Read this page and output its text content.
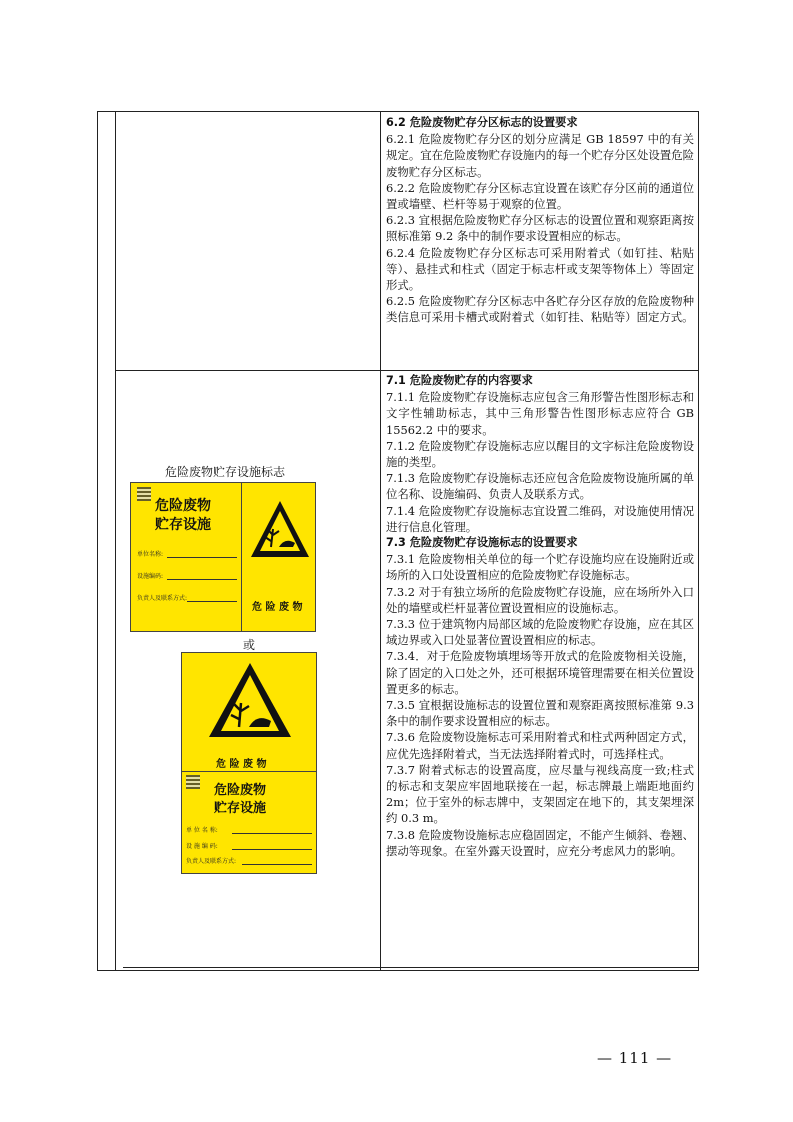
6.2 危险废物贮存分区标志的设置要求

6.2.1 危险废物贮存分区的划分应满足 GB 18597 中的有关规定。宜在危险废物贮存设施内的每一个贮存分区处设置危险废物贮存分区标志。

6.2.2 危险废物贮存分区标志宜设置在该贮存分区前的通道位置或墙壁、栏杆等易于观察的位置。

6.2.3 宜根据危险废物贮存分区标志的设置位置和观察距离按照标准第 9.2 条中的制作要求设置相应的标志。

6.2.4 危险废物贮存分区标志可采用附着式（如钉挂、粘贴等）、悬挂式和柱式（固定于标志杆或支架等物体上）等固定形式。

6.2.5 危险废物贮存分区标志中各贮存分区存放的危险废物种类信息可采用卡槽式或附着式（如钉挂、粘贴等）固定方式。

7.1 危险废物贮存的内容要求

7.1.1 危险废物贮存设施标志应包含三角形警告性图形标志和文字性辅助标志，其中三角形警告性图形标志应符合 GB 15562.2 中的要求。

7.1.2 危险废物贮存设施标志应以醒目的文字标注危险废物设施的类型。

7.1.3 危险废物贮存设施标志还应包含危险废物设施所属的单位名称、设施编码、负责人及联系方式。

7.1.4 危险废物贮存设施标志宜设置二维码，对设施使用情况进行信息化管理。

7.3 危险废物贮存设施标志的设置要求

7.3.1 危险废物相关单位的每一个贮存设施均应在设施附近或场所的入口处设置相应的危险废物贮存设施标志。

7.3.2 对于有独立场所的危险废物贮存设施，应在场所外入口处的墙壁或栏杆显著位置设置相应的设施标志。

7.3.3 位于建筑物内局部区域的危险废物贮存设施，应在其区域边界或入口处显著位置设置相应的标志。

7.3.4．对于危险废物填埋场等开放式的危险废物相关设施，除了固定的入口处之外，还可根据环境管理需要在相关位置设置更多的标志。

7.3.5 宜根据设施标志的设置位置和观察距离按照标准第 9.3 条中的制作要求设置相应的标志。

7.3.6 危险废物设施标志可采用附着式和柱式两种固定方式，应优先选择附着式，当无法选择附着式时，可选择柱式。

7.3.7 附着式标志的设置高度，应尽量与视线高度一致;柱式的标志和支架应牢固地联接在一起，标志牌最上端距地面约 2m；位于室外的标志牌中，支架固定在地下的，其支架埋深约 0.3 m。

7.3.8 危险废物设施标志应稳固固定，不能产生倾斜、卷翘、摆动等现象。在室外露天设置时，应充分考虑风力的影响。

危险废物贮存设施标志
或
危险废物
贮存设施
单位名称:
设施编码:
负责人及联系方式:
危 险 废 物
危 险 废 物
危险废物
贮存设施
单 位 名 称:
设 施 编 码:
负责人及联系方式:
— 111 —
